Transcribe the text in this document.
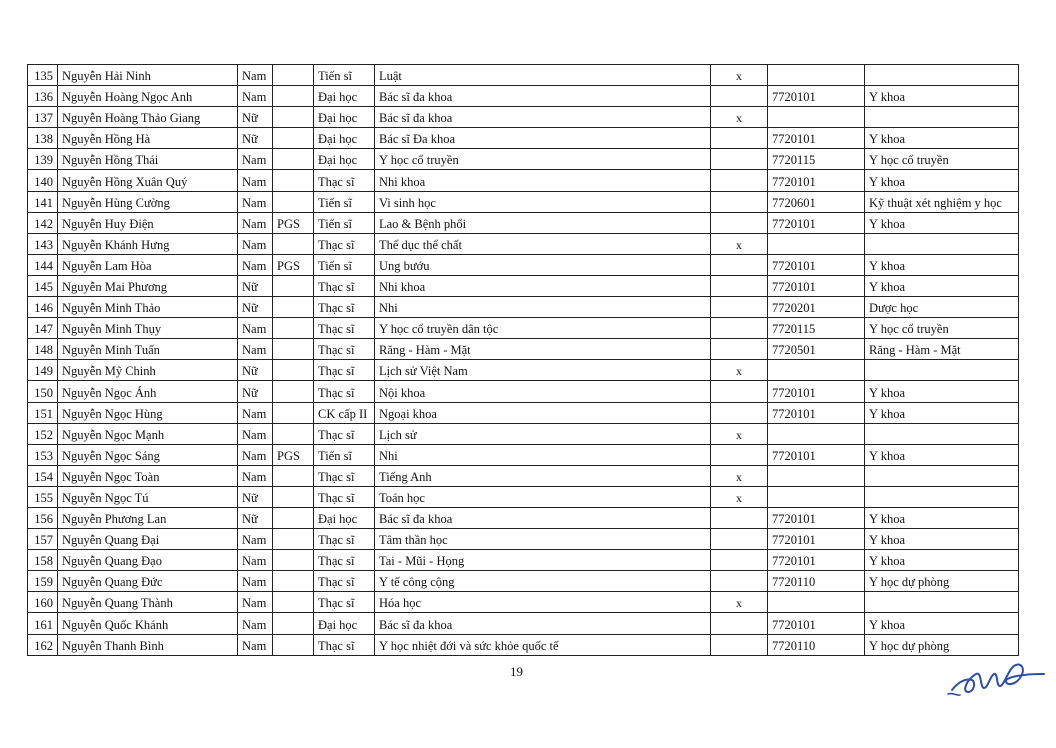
135	Nguyễn Hải Ninh	Nam		Tiến sĩ	Luật	x		
136	Nguyễn Hoàng Ngọc Anh	Nam		Đại học	Bác sĩ đa khoa		7720101	Y khoa
137	Nguyễn Hoàng Thảo Giang	Nữ		Đại học	Bác sĩ đa khoa	x		
138	Nguyễn Hồng Hà	Nữ		Đại học	Bác sĩ Đa khoa		7720101	Y khoa
139	Nguyễn Hồng Thái	Nam		Đại học	Y học cổ truyền		7720115	Y học cổ truyền
140	Nguyễn Hồng Xuân Quý	Nam		Thạc sĩ	Nhi khoa		7720101	Y khoa
141	Nguyễn Hùng Cường	Nam		Tiến sĩ	Vi sinh học		7720601	Kỹ thuật xét nghiệm y học
142	Nguyễn Huy Điện	Nam	PGS	Tiến sĩ	Lao & Bệnh phổi		7720101	Y khoa
143	Nguyễn Khánh Hưng	Nam		Thạc sĩ	Thể dục thể chất	x		
144	Nguyễn Lam Hòa	Nam	PGS	Tiến sĩ	Ung bướu		7720101	Y khoa
145	Nguyễn Mai Phương	Nữ		Thạc sĩ	Nhi khoa		7720101	Y khoa
146	Nguyễn Minh Thảo	Nữ		Thạc sĩ	Nhi		7720201	Dược học
147	Nguyễn Minh Thụy	Nam		Thạc sĩ	Y học cổ truyền dân tộc		7720115	Y học cổ truyền
148	Nguyễn Minh Tuấn	Nam		Thạc sĩ	Răng - Hàm - Mặt		7720501	Răng - Hàm - Mặt
149	Nguyễn Mỹ Chinh	Nữ		Thạc sĩ	Lịch sử Việt Nam	x		
150	Nguyễn Ngọc Ánh	Nữ		Thạc sĩ	Nội khoa		7720101	Y khoa
151	Nguyễn Ngọc Hùng	Nam		CK cấp II	Ngoại khoa		7720101	Y khoa
152	Nguyễn Ngọc Mạnh	Nam		Thạc sĩ	Lịch sử	x		
153	Nguyễn Ngọc Sáng	Nam	PGS	Tiến sĩ	Nhi		7720101	Y khoa
154	Nguyễn Ngọc Toàn	Nam		Thạc sĩ	Tiếng Anh	x		
155	Nguyễn Ngọc Tú	Nữ		Thạc sĩ	Toán học	x		
156	Nguyễn Phương Lan	Nữ		Đại học	Bác sĩ đa khoa		7720101	Y khoa
157	Nguyễn Quang Đại	Nam		Thạc sĩ	Tâm thần học		7720101	Y khoa
158	Nguyễn Quang Đạo	Nam		Thạc sĩ	Tai - Mũi - Họng		7720101	Y khoa
159	Nguyễn Quang Đức	Nam		Thạc sĩ	Y tế công cộng		7720110	Y học dự phòng
160	Nguyễn Quang Thành	Nam		Thạc sĩ	Hóa học	x		
161	Nguyễn Quốc Khánh	Nam		Đại học	Bác sĩ đa khoa		7720101	Y khoa
162	Nguyễn Thanh Bình	Nam		Thạc sĩ	Y học nhiệt đới và sức khỏe quốc tế		7720110	Y học dự phòng
19
